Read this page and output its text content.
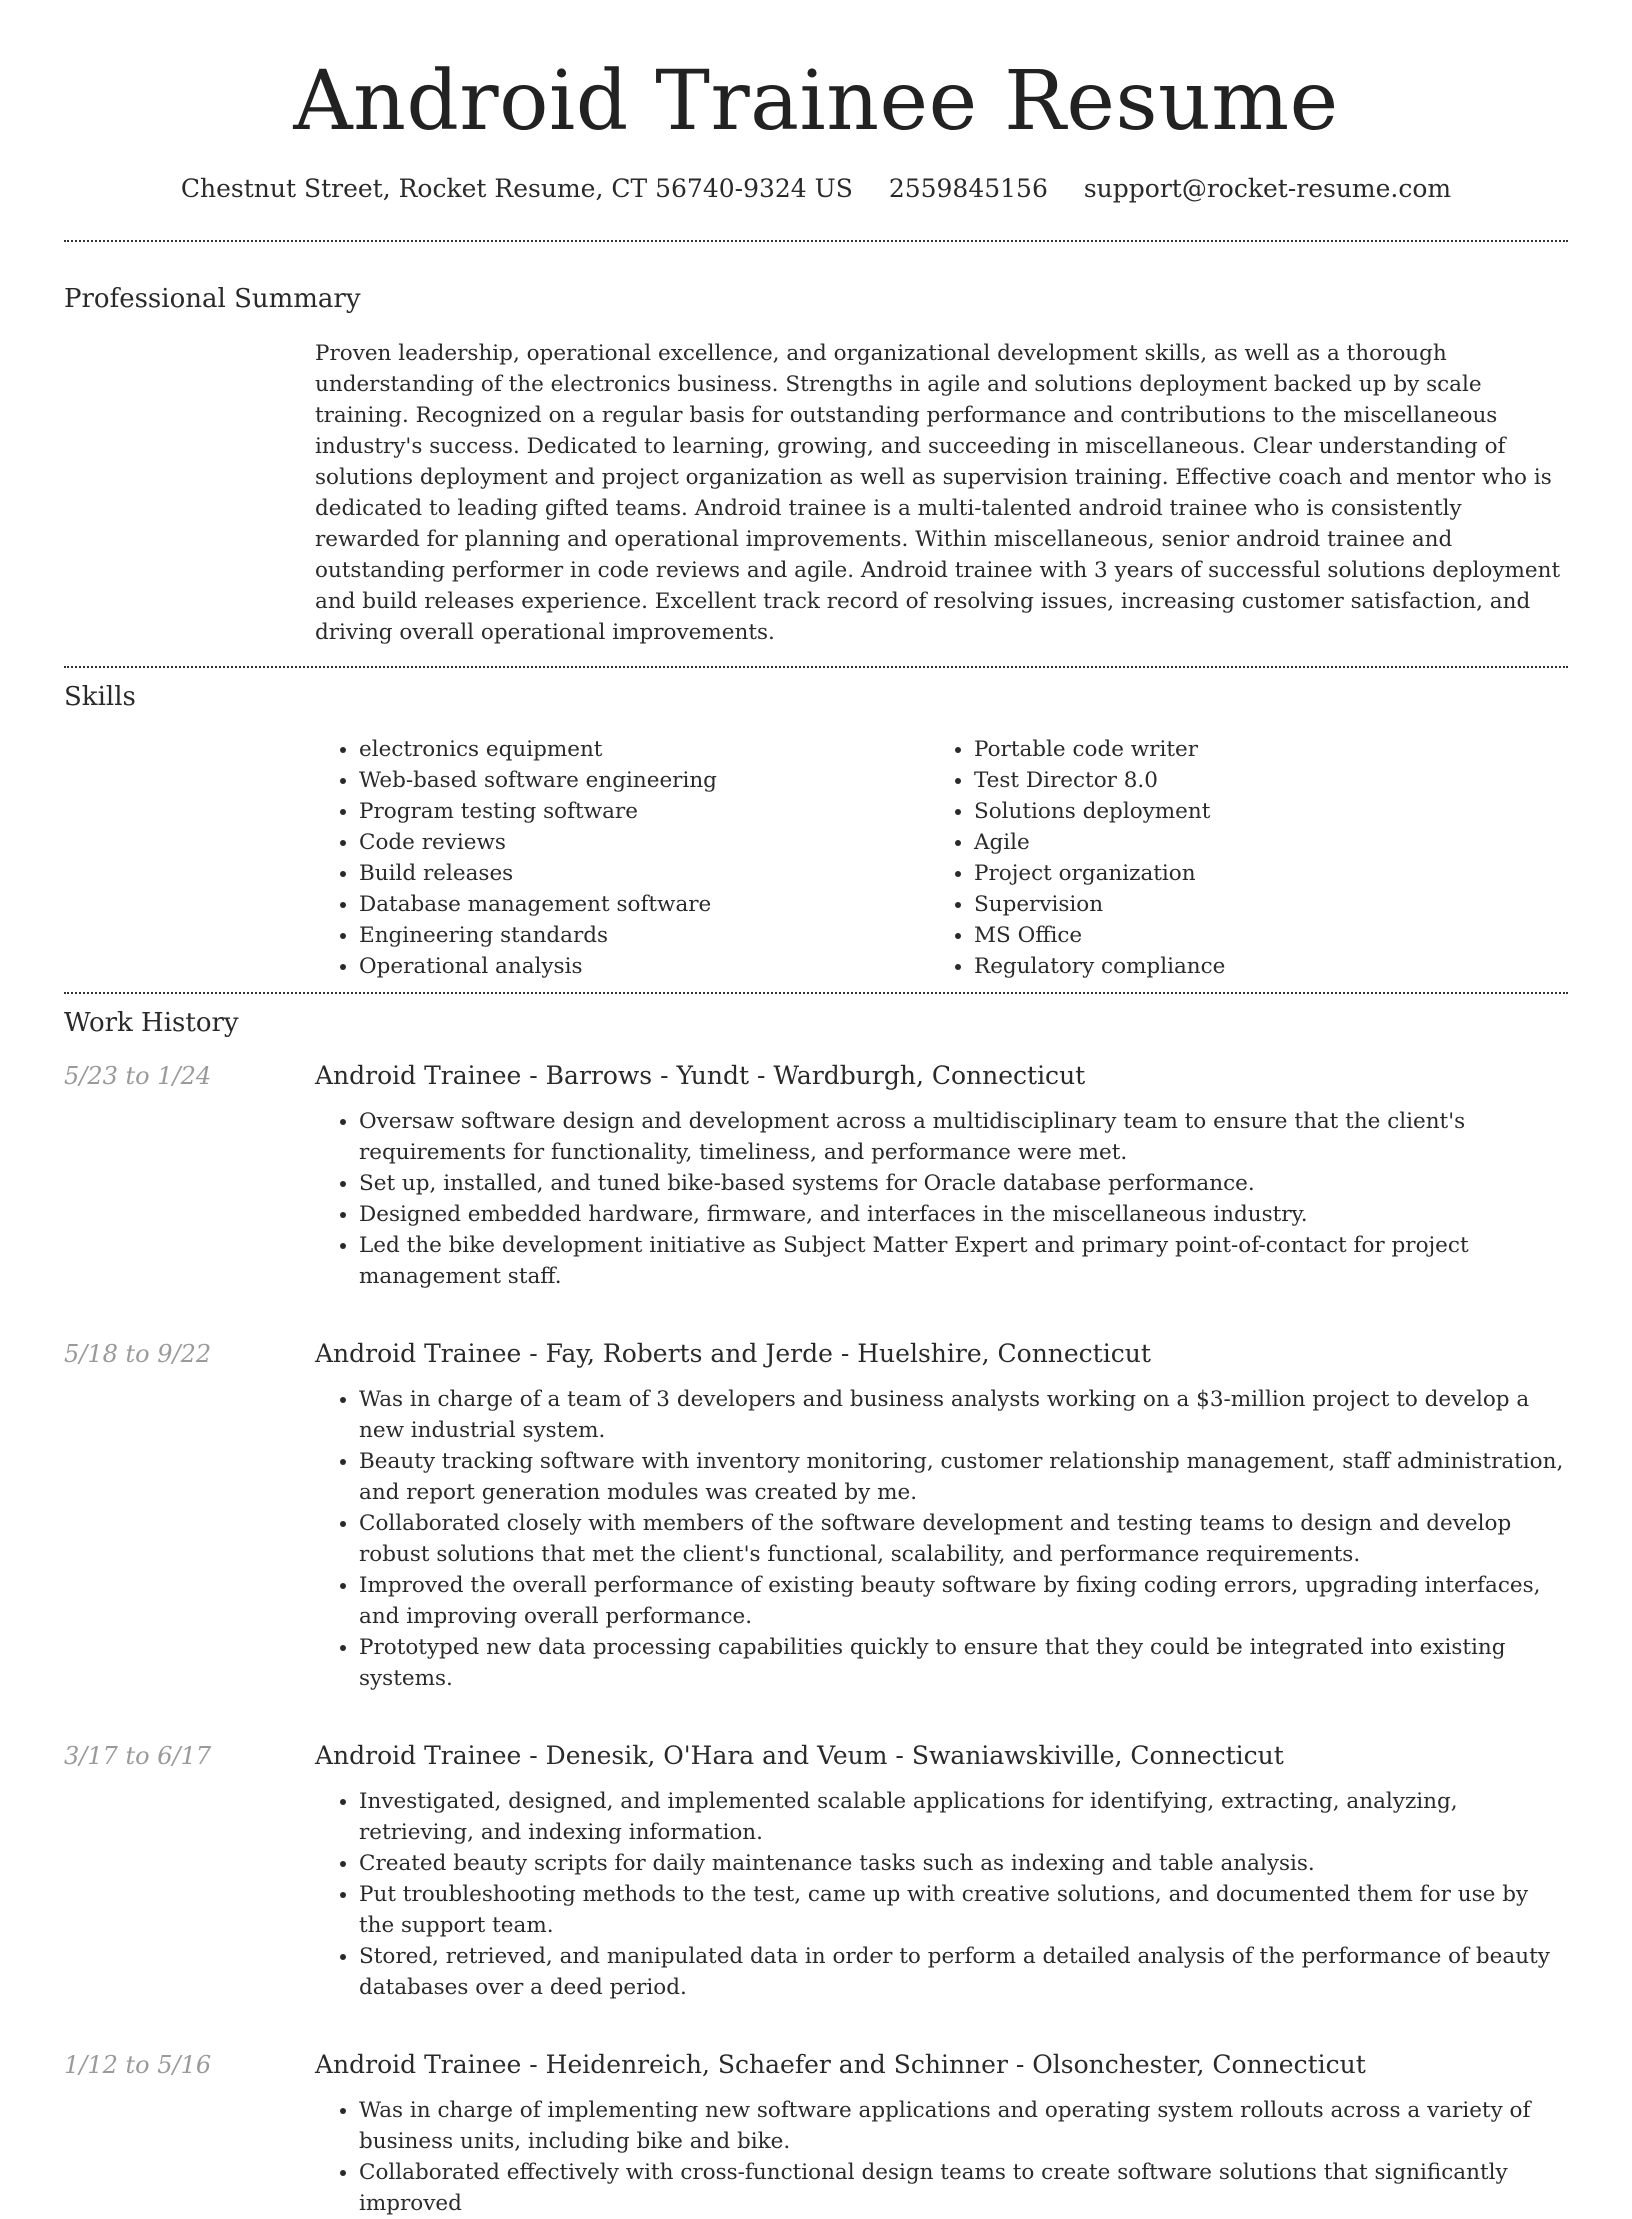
Android Trainee Resume
Chestnut Street, Rocket Resume, CT 56740-9324 US 2559845156 support@rocket-resume.com
Professional Summary
Proven leadership, operational excellence, and organizational development skills, as well as a thorough understanding of the electronics business. Strengths in agile and solutions deployment backed up by scale training. Recognized on a regular basis for outstanding performance and contributions to the miscellaneous industry's success. Dedicated to learning, growing, and succeeding in miscellaneous. Clear understanding of solutions deployment and project organization as well as supervision training. Effective coach and mentor who is dedicated to leading gifted teams. Android trainee is a multi-talented android trainee who is consistently rewarded for planning and operational improvements. Within miscellaneous, senior android trainee and outstanding performer in code reviews and agile. Android trainee with 3 years of successful solutions deployment and build releases experience. Excellent track record of resolving issues, increasing customer satisfaction, and driving overall operational improvements.
Skills
• electronics equipment
• Web-based software engineering
• Program testing software
• Code reviews
• Build releases
• Database management software
• Engineering standards
• Operational analysis
• Portable code writer
• Test Director 8.0
• Solutions deployment
• Agile
• Project organization
• Supervision
• MS Office
• Regulatory compliance
Work History
5/23 to 1/24	Android Trainee - Barrows - Yundt - Wardburgh, Connecticut
• Oversaw software design and development across a multidisciplinary team to ensure that the client's requirements for functionality, timeliness, and performance were met.
• Set up, installed, and tuned bike-based systems for Oracle database performance.
• Designed embedded hardware, firmware, and interfaces in the miscellaneous industry.
• Led the bike development initiative as Subject Matter Expert and primary point-of-contact for project management staff.
5/18 to 9/22	Android Trainee - Fay, Roberts and Jerde - Huelshire, Connecticut
• Was in charge of a team of 3 developers and business analysts working on a $3-million project to develop a new industrial system.
• Beauty tracking software with inventory monitoring, customer relationship management, staff administration, and report generation modules was created by me.
• Collaborated closely with members of the software development and testing teams to design and develop robust solutions that met the client's functional, scalability, and performance requirements.
• Improved the overall performance of existing beauty software by fixing coding errors, upgrading interfaces, and improving overall performance.
• Prototyped new data processing capabilities quickly to ensure that they could be integrated into existing systems.
3/17 to 6/17	Android Trainee - Denesik, O'Hara and Veum - Swaniawskiville, Connecticut
• Investigated, designed, and implemented scalable applications for identifying, extracting, analyzing, retrieving, and indexing information.
• Created beauty scripts for daily maintenance tasks such as indexing and table analysis.
• Put troubleshooting methods to the test, came up with creative solutions, and documented them for use by the support team.
• Stored, retrieved, and manipulated data in order to perform a detailed analysis of the performance of beauty databases over a deed period.
1/12 to 5/16	Android Trainee - Heidenreich, Schaefer and Schinner - Olsonchester, Connecticut
• Was in charge of implementing new software applications and operating system rollouts across a variety of business units, including bike and bike.
• Collaborated effectively with cross-functional design teams to create software solutions that significantly improved
